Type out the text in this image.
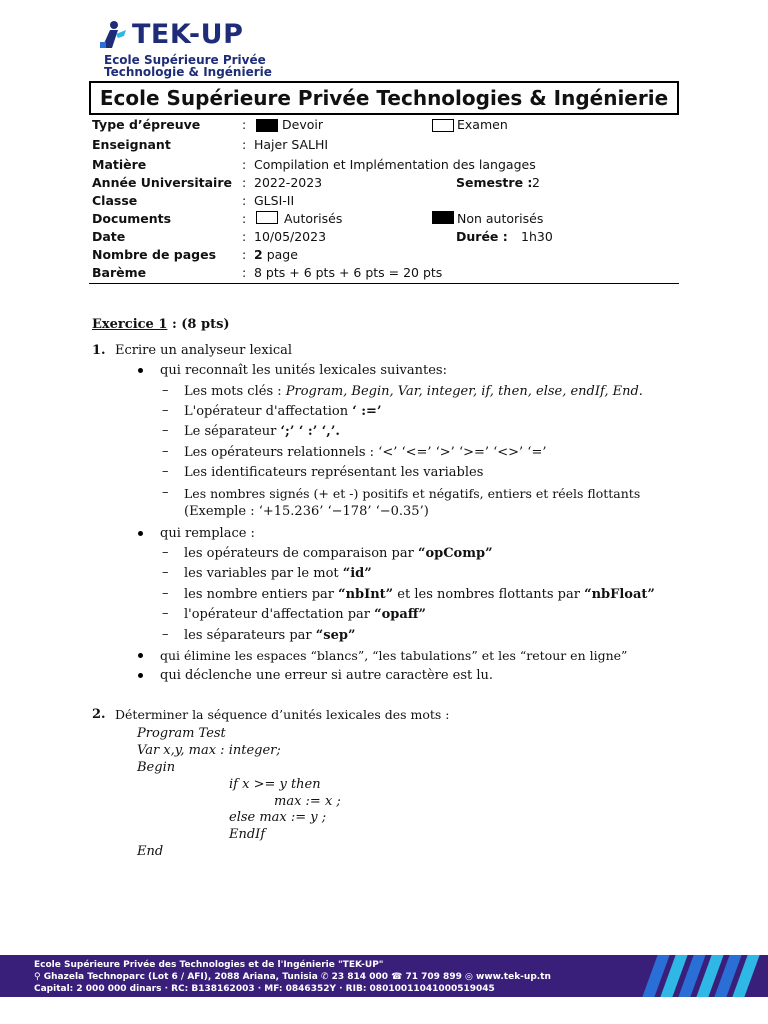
TEK-UP
Ecole Supérieure Privée
Technologie & Ingénierie
Ecole Supérieure Privée Technologies & Ingénierie
Type d’épreuve	:	Devoir	Examen
Enseignant	: Hajer SALHI
Matière	: Compilation et Implémentation des langages
Année Universitaire : 2022-2023	Semestre : 2
Classe	: GLSI-II
Documents	:	Autorisés	Non autorisés
Date	: 10/05/2023	Durée : 1h30
Nombre de pages : 2 page
Barème	: 8 pts + 6 pts + 6 pts = 20 pts
Exercice 1 : (8 pts)
1. Ecrire un analyseur lexical
qui reconnaît les unités lexicales suivantes:
– Les mots clés : Program, Begin, Var, integer, if, then, else, endIf, End.
– L'opérateur d'affectation ‘ :=’
– Le séparateur ‘;’ ‘ :’ ‘,’.
– Les opérateurs relationnels : ‘<’ ‘<=’ ‘>’ ‘>=’ ‘<>’ ‘=’
– Les identificateurs représentant les variables
– Les nombres signés (+ et -) positifs et négatifs, entiers et réels flottants
(Exemple : ‘+15.236’ ‘−178’ ‘−0.35’)
qui remplace :
– les opérateurs de comparaison par “opComp”
– les variables par le mot “id”
– les nombre entiers par “nbInt” et les nombres flottants par “nbFloat”
– l'opérateur d'affectation par “opaff”
– les séparateurs par “sep”
qui élimine les espaces “blancs”, “les tabulations” et les “retour en ligne”
qui déclenche une erreur si autre caractère est lu.
2. Déterminer la séquence d’unités lexicales des mots :
Program Test
Var x,y, max : integer;
Begin
if x >= y then
max := x ;
else max := y ;
EndIf
End
Ecole Supérieure Privée des Technologies et de l'Ingénierie "TEK-UP"
⚲ Ghazela Technoparc (Lot 6 / AFI), 2088 Ariana, Tunisia ✆ 23 814 000 ☎ 71 709 899 ◎ www.tek-up.tn
Capital: 2 000 000 dinars · RC: B138162003 · MF: 0846352Y · RIB: 08010011041000519045
